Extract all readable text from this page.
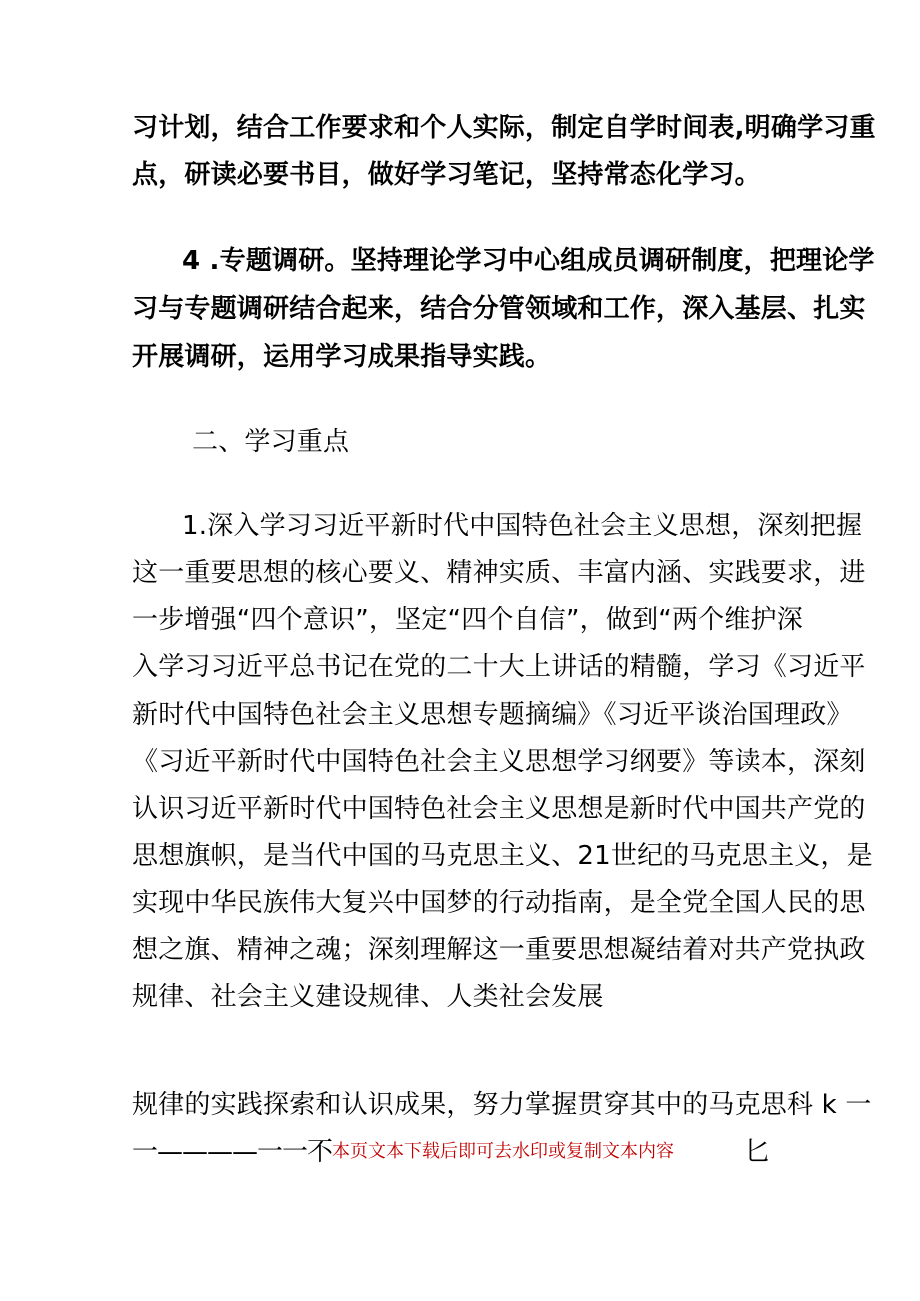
习计划，结合工作要求和个人实际，制定自学时间表,明确学习重
点，研读必要书目，做好学习笔记，坚持常态化学习。
4 .专题调研。坚持理论学习中心组成员调研制度，把理论学
习与专题调研结合起来，结合分管领域和工作，深入基层、扎实
开展调研，运用学习成果指导实践。
二、学习重点
1.深入学习习近平新时代中国特色社会主义思想，深刻把握
这一重要思想的核心要义、精神实质、丰富内涵、实践要求，进
一步增强“四个意识”，坚定“四个自信”，做到“两个维护深
入学习习近平总书记在党的二十大上讲话的精髓，学习《习近平
新时代中国特色社会主义思想专题摘编》《习近平谈治国理政》
《习近平新时代中国特色社会主义思想学习纲要》等读本，深刻
认识习近平新时代中国特色社会主义思想是新时代中国共产党的
思想旗帜，是当代中国的马克思主义、21世纪的马克思主义，是
实现中华民族伟大复兴中国梦的行动指南，是全党全国人民的思
想之旗、精神之魂；深刻理解这一重要思想凝结着对共产党执政
规律、社会主义建设规律、人类社会发展
规律的实践探索和认识成果，努力掌握贯穿其中的马克思科 k 一
一————一一不本页文本下载后即可去水印或复制文本内容	匕
